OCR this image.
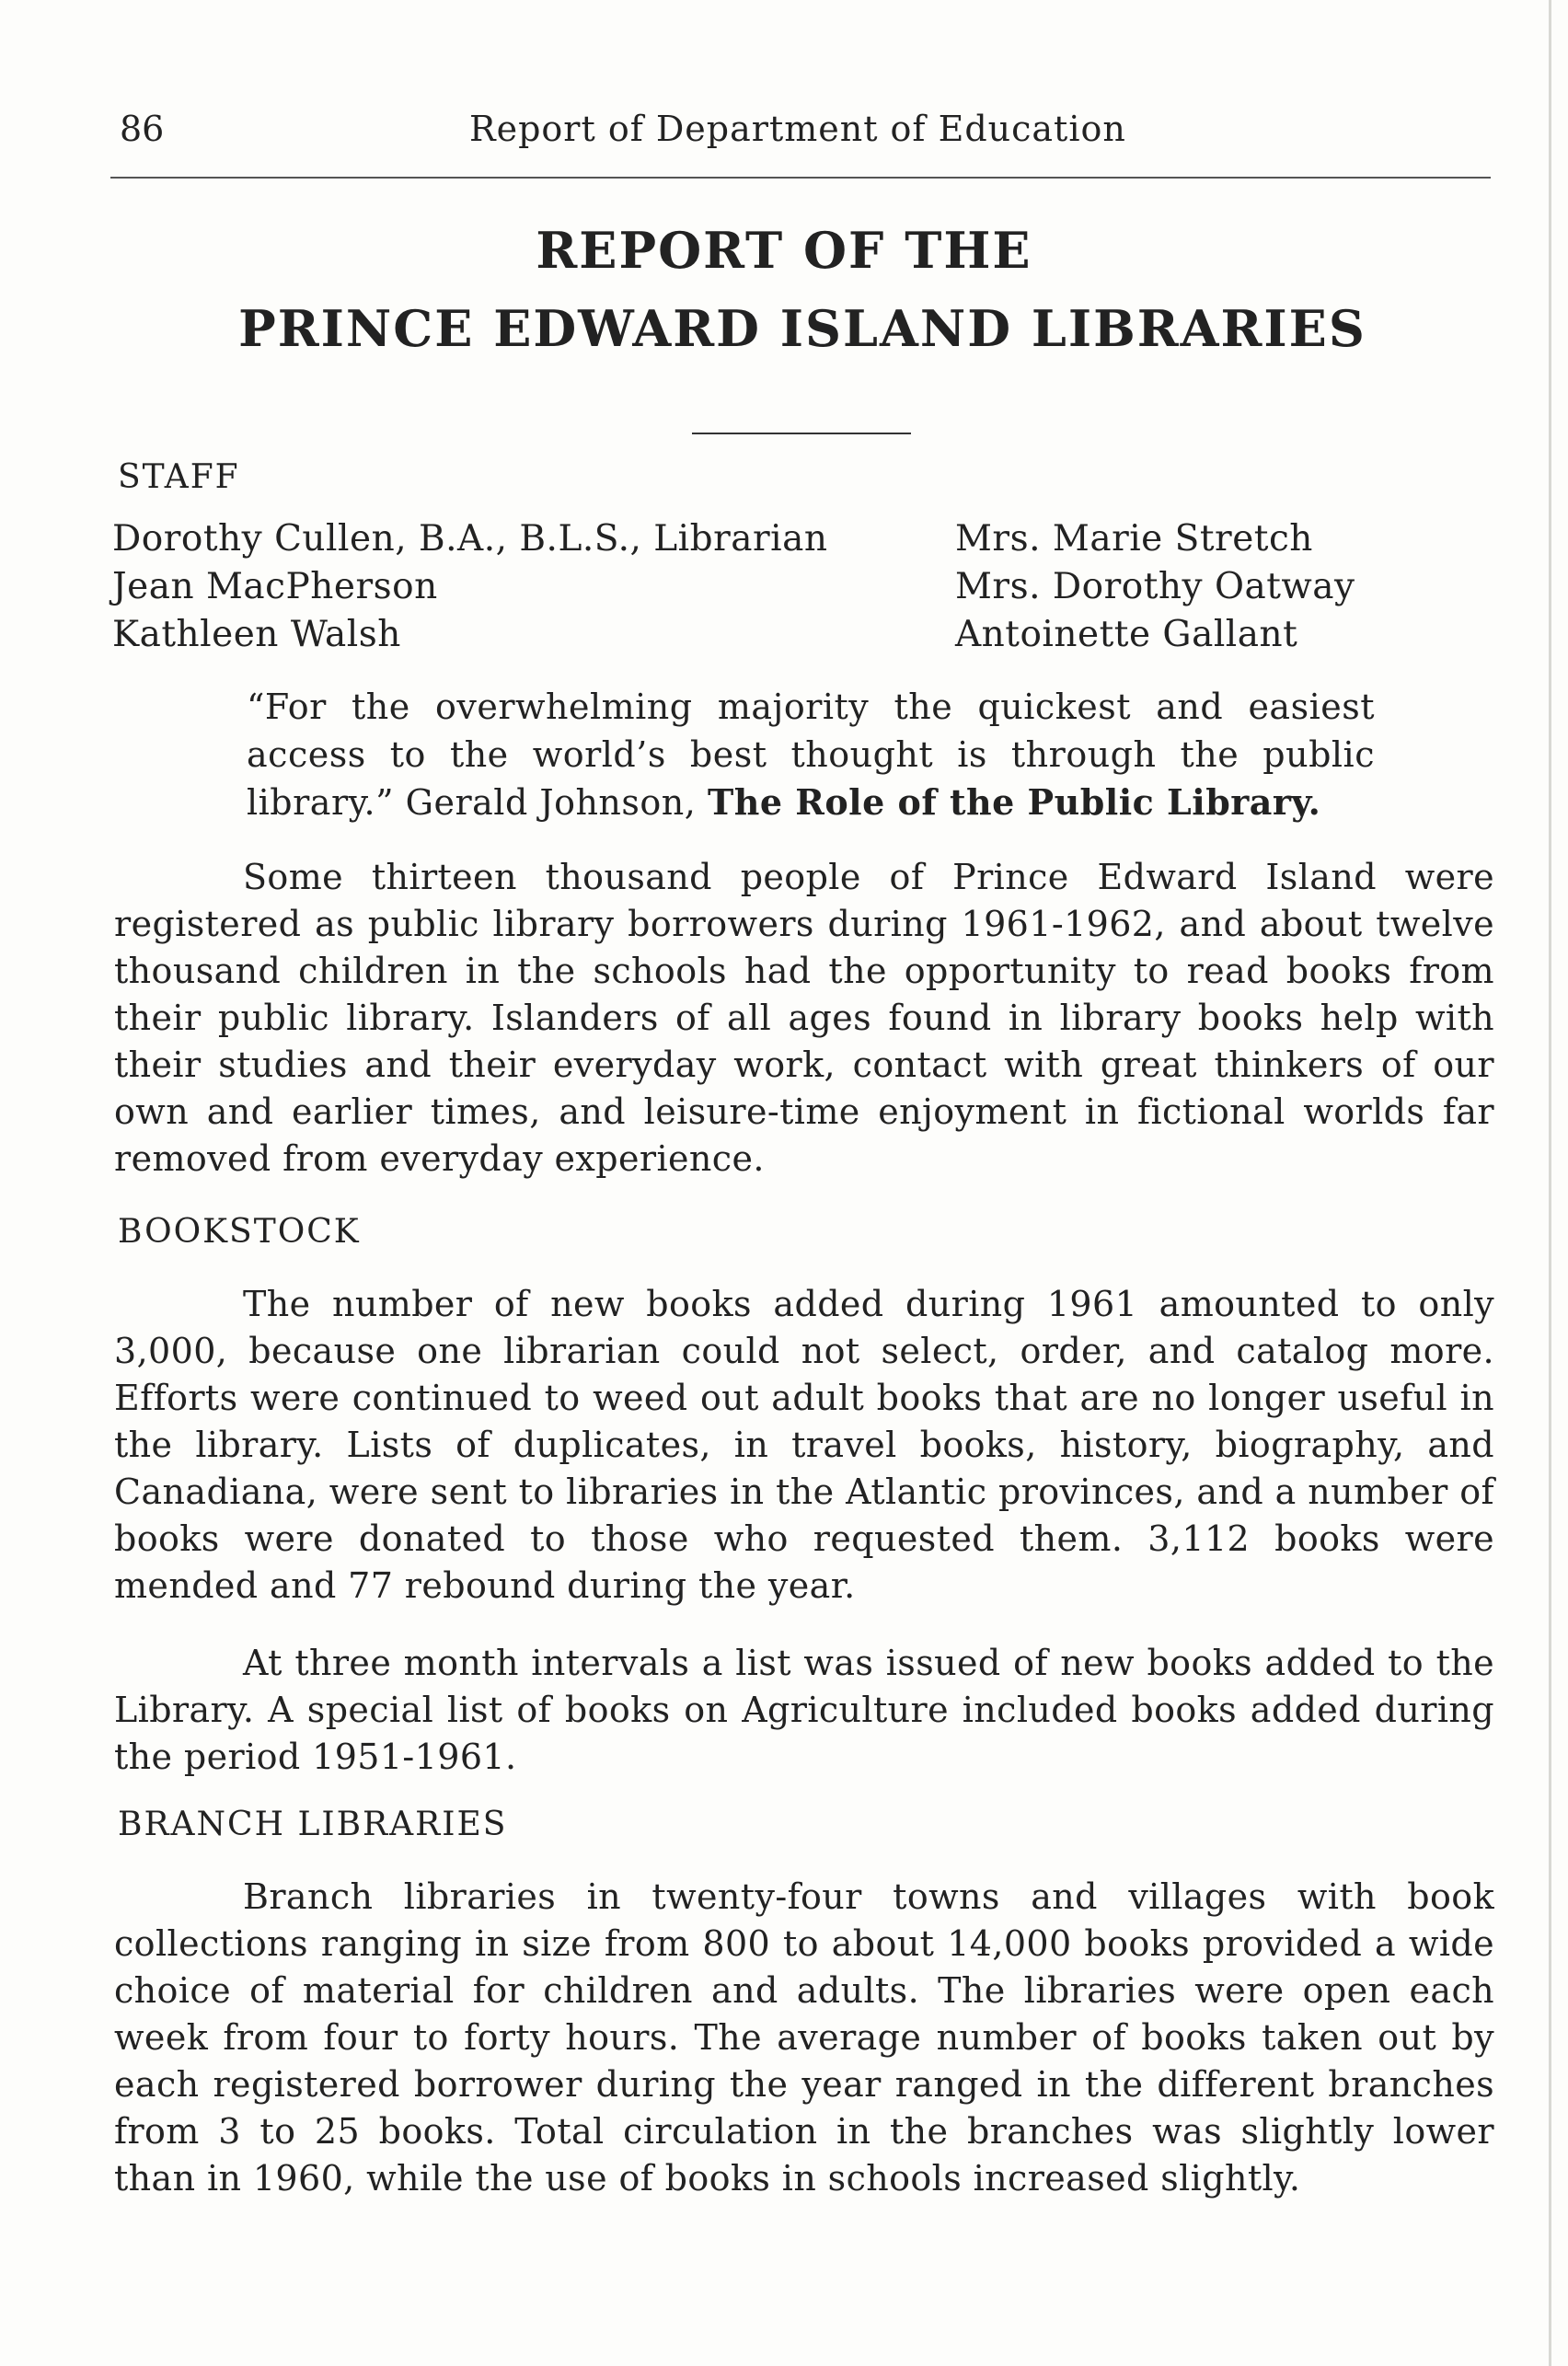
86	Report of Department of Education
REPORT OF THE
PRINCE EDWARD ISLAND LIBRARIES
STAFF
Dorothy Cullen, B.A., B.L.S., Librarian
Jean MacPherson
Kathleen Walsh
Mrs. Marie Stretch
Mrs. Dorothy Oatway
Antoinette Gallant
“For the overwhelming majority the quickest and easiest access to the world’s best thought is through the public library.” Gerald Johnson, The Role of the Public Library.
Some thirteen thousand people of Prince Edward Island were registered as public library borrowers during 1961-1962, and about twelve thousand children in the schools had the opportunity to read books from their public library. Islanders of all ages found in library books help with their studies and their everyday work, contact with great thinkers of our own and earlier times, and leisure-time enjoyment in fictional worlds far removed from everyday experience.
BOOKSTOCK
The number of new books added during 1961 amounted to only 3,000, because one librarian could not select, order, and catalog more. Efforts were continued to weed out adult books that are no longer useful in the library. Lists of duplicates, in travel books, history, biography, and Canadiana, were sent to libraries in the Atlantic provinces, and a number of books were donated to those who requested them. 3,112 books were mended and 77 rebound during the year.
At three month intervals a list was issued of new books added to the Library. A special list of books on Agriculture included books added during the period 1951-1961.
BRANCH LIBRARIES
Branch libraries in twenty-four towns and villages with book collections ranging in size from 800 to about 14,000 books provided a wide choice of material for children and adults. The libraries were open each week from four to forty hours. The average number of books taken out by each registered borrower during the year ranged in the different branches from 3 to 25 books. Total circulation in the branches was slightly lower than in 1960, while the use of books in schools increased slightly.
